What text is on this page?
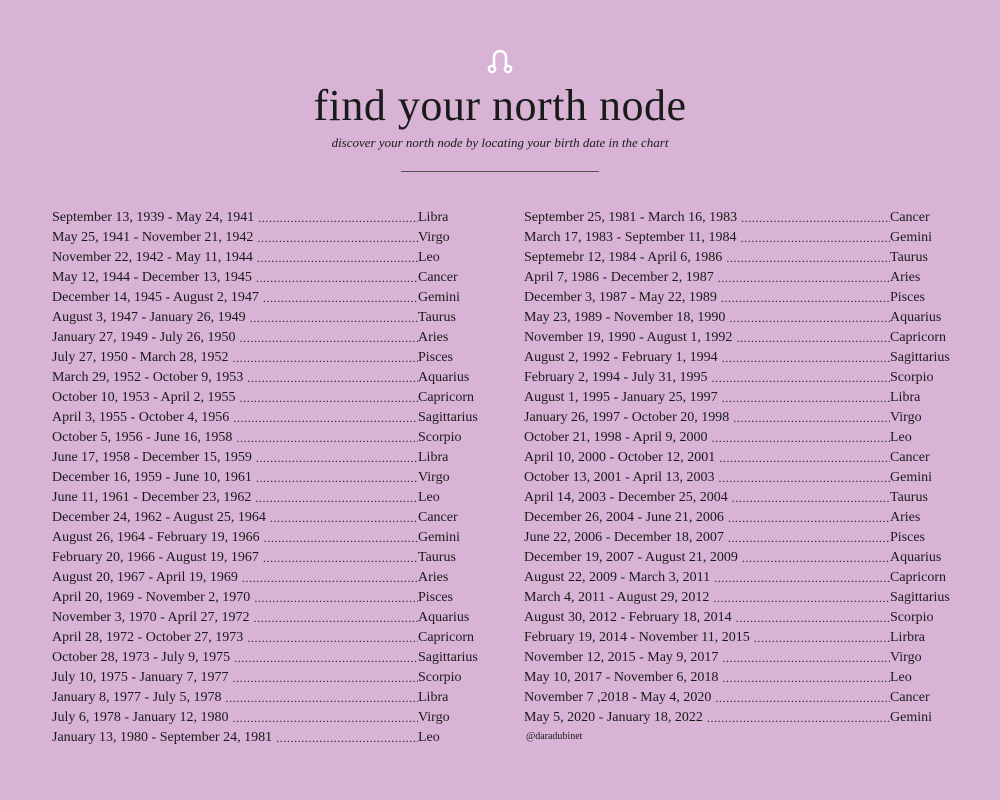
find your north node
discover your north node by locating your birth date in the chart
September 13, 1939 - May 24, 1941 .....	Libra
May 25, 1941 - November 21, 1942 .....	Virgo
November 22, 1942 - May 11, 1944 .....	Leo
May 12, 1944 - December 13, 1945 .....	Cancer
December 14, 1945 - August 2, 1947 .....	Gemini
August 3, 1947 - January 26, 1949 .....	Taurus
January 27, 1949 - July 26, 1950 .....	Aries
July 27, 1950 - March 28, 1952 .....	Pisces
March 29, 1952 - October 9, 1953 .....	Aquarius
October 10, 1953 - April 2, 1955 .....	Capricorn
April 3, 1955 - October 4, 1956 .....	Sagittarius
October 5, 1956 - June 16, 1958 .....	Scorpio
June 17, 1958 - December 15, 1959 .....	Libra
December 16, 1959 - June 10, 1961 .....	Virgo
June 11, 1961 - December 23, 1962 .....	Leo
December 24, 1962 - August 25, 1964 .....	Cancer
August 26, 1964 - February 19, 1966 .....	Gemini
February 20, 1966 - August 19, 1967 .....	Taurus
August 20, 1967 - April 19, 1969 .....	Aries
April 20, 1969 - November 2, 1970 .....	Pisces
November 3, 1970 - April 27, 1972 .....	Aquarius
April 28, 1972 - October 27, 1973 .....	Capricorn
October 28, 1973 - July 9, 1975 .....	Sagittarius
July 10, 1975 - January 7, 1977 .....	Scorpio
January 8, 1977 - July 5, 1978 .....	Libra
July 6, 1978 - January 12, 1980 .....	Virgo
January 13, 1980 - September 24, 1981 .....	Leo
September 25, 1981 - March 16, 1983 .....	Cancer
March 17, 1983 - September 11, 1984 .....	Gemini
Septemebr 12, 1984 - April 6, 1986 .....	Taurus
April 7, 1986 - December 2, 1987 .....	Aries
December 3, 1987 - May 22, 1989 .....	Pisces
May 23, 1989 - November 18, 1990 .....	Aquarius
November 19, 1990 - August 1, 1992 .....	Capricorn
August 2, 1992 - February 1, 1994 .....	Sagittarius
February 2, 1994 - July 31, 1995 .....	Scorpio
August 1, 1995 - January 25, 1997 .....	Libra
January 26, 1997 - October 20, 1998 .....	Virgo
October 21, 1998 - April 9, 2000 .....	Leo
April 10, 2000 - October 12, 2001 .....	Cancer
October 13, 2001 - April 13, 2003 .....	Gemini
April 14, 2003 - December 25, 2004 .....	Taurus
December 26, 2004 - June 21, 2006 .....	Aries
June 22, 2006 - December 18, 2007 .....	Pisces
December 19, 2007 - August 21, 2009 .....	Aquarius
August 22, 2009 - March 3, 2011 .....	Capricorn
March 4, 2011 - August 29, 2012 .....	Sagittarius
August 30, 2012 - February 18, 2014 .....	Scorpio
February 19, 2014 - November 11, 2015 .....	Lirbra
November 12, 2015 - May 9, 2017 .....	Virgo
May 10, 2017 - November 6, 2018 .....	Leo
November 7 ,2018 - May 4, 2020 .....	Cancer
May 5, 2020 - January 18, 2022 .....	Gemini
@daradubinet
